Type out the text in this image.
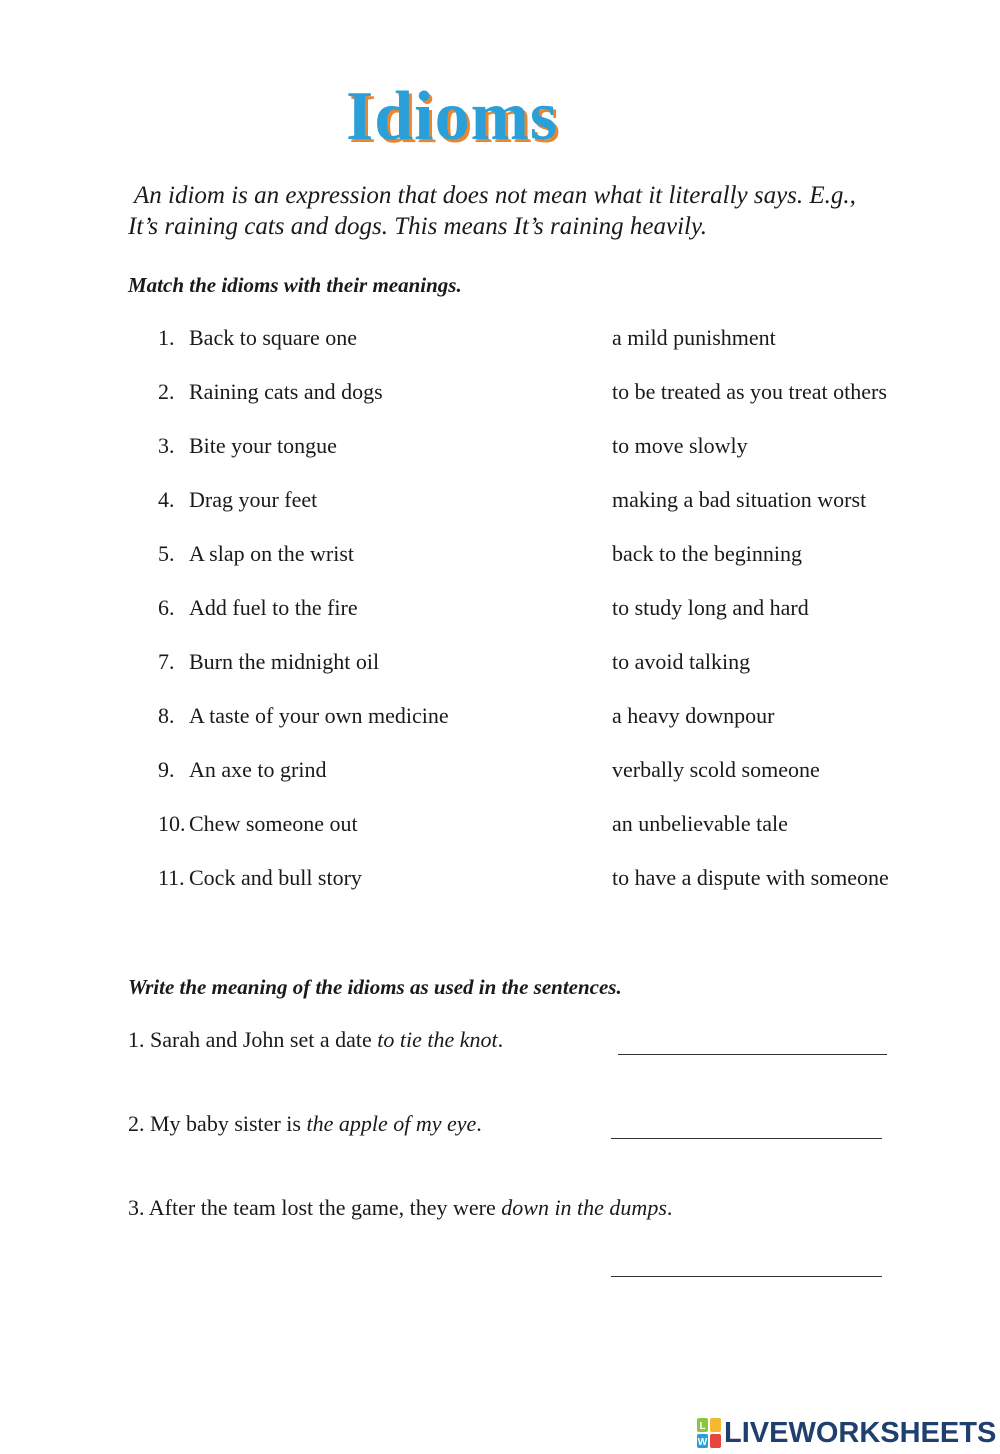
Idioms
An idiom is an expression that does not mean what it literally says. E.g.,
It’s raining cats and dogs. This means It’s raining heavily.
Match the idioms with their meanings.
1. Back to square one	a mild punishment
2. Raining cats and dogs	to be treated as you treat others
3. Bite your tongue	to move slowly
4. Drag your feet	making a bad situation worst
5. A slap on the wrist	back to the beginning
6. Add fuel to the fire	to study long and hard
7. Burn the midnight oil	to avoid talking
8. A taste of your own medicine	a heavy downpour
9. An axe to grind	verbally scold someone
10. Chew someone out	an unbelievable tale
11. Cock and bull story	to have a dispute with someone
Write the meaning of the idioms as used in the sentences.
1. Sarah and John set a date to tie the knot.
2. My baby sister is the apple of my eye.
3. After the team lost the game, they were down in the dumps.
L
W LIVEWORKSHEETS
